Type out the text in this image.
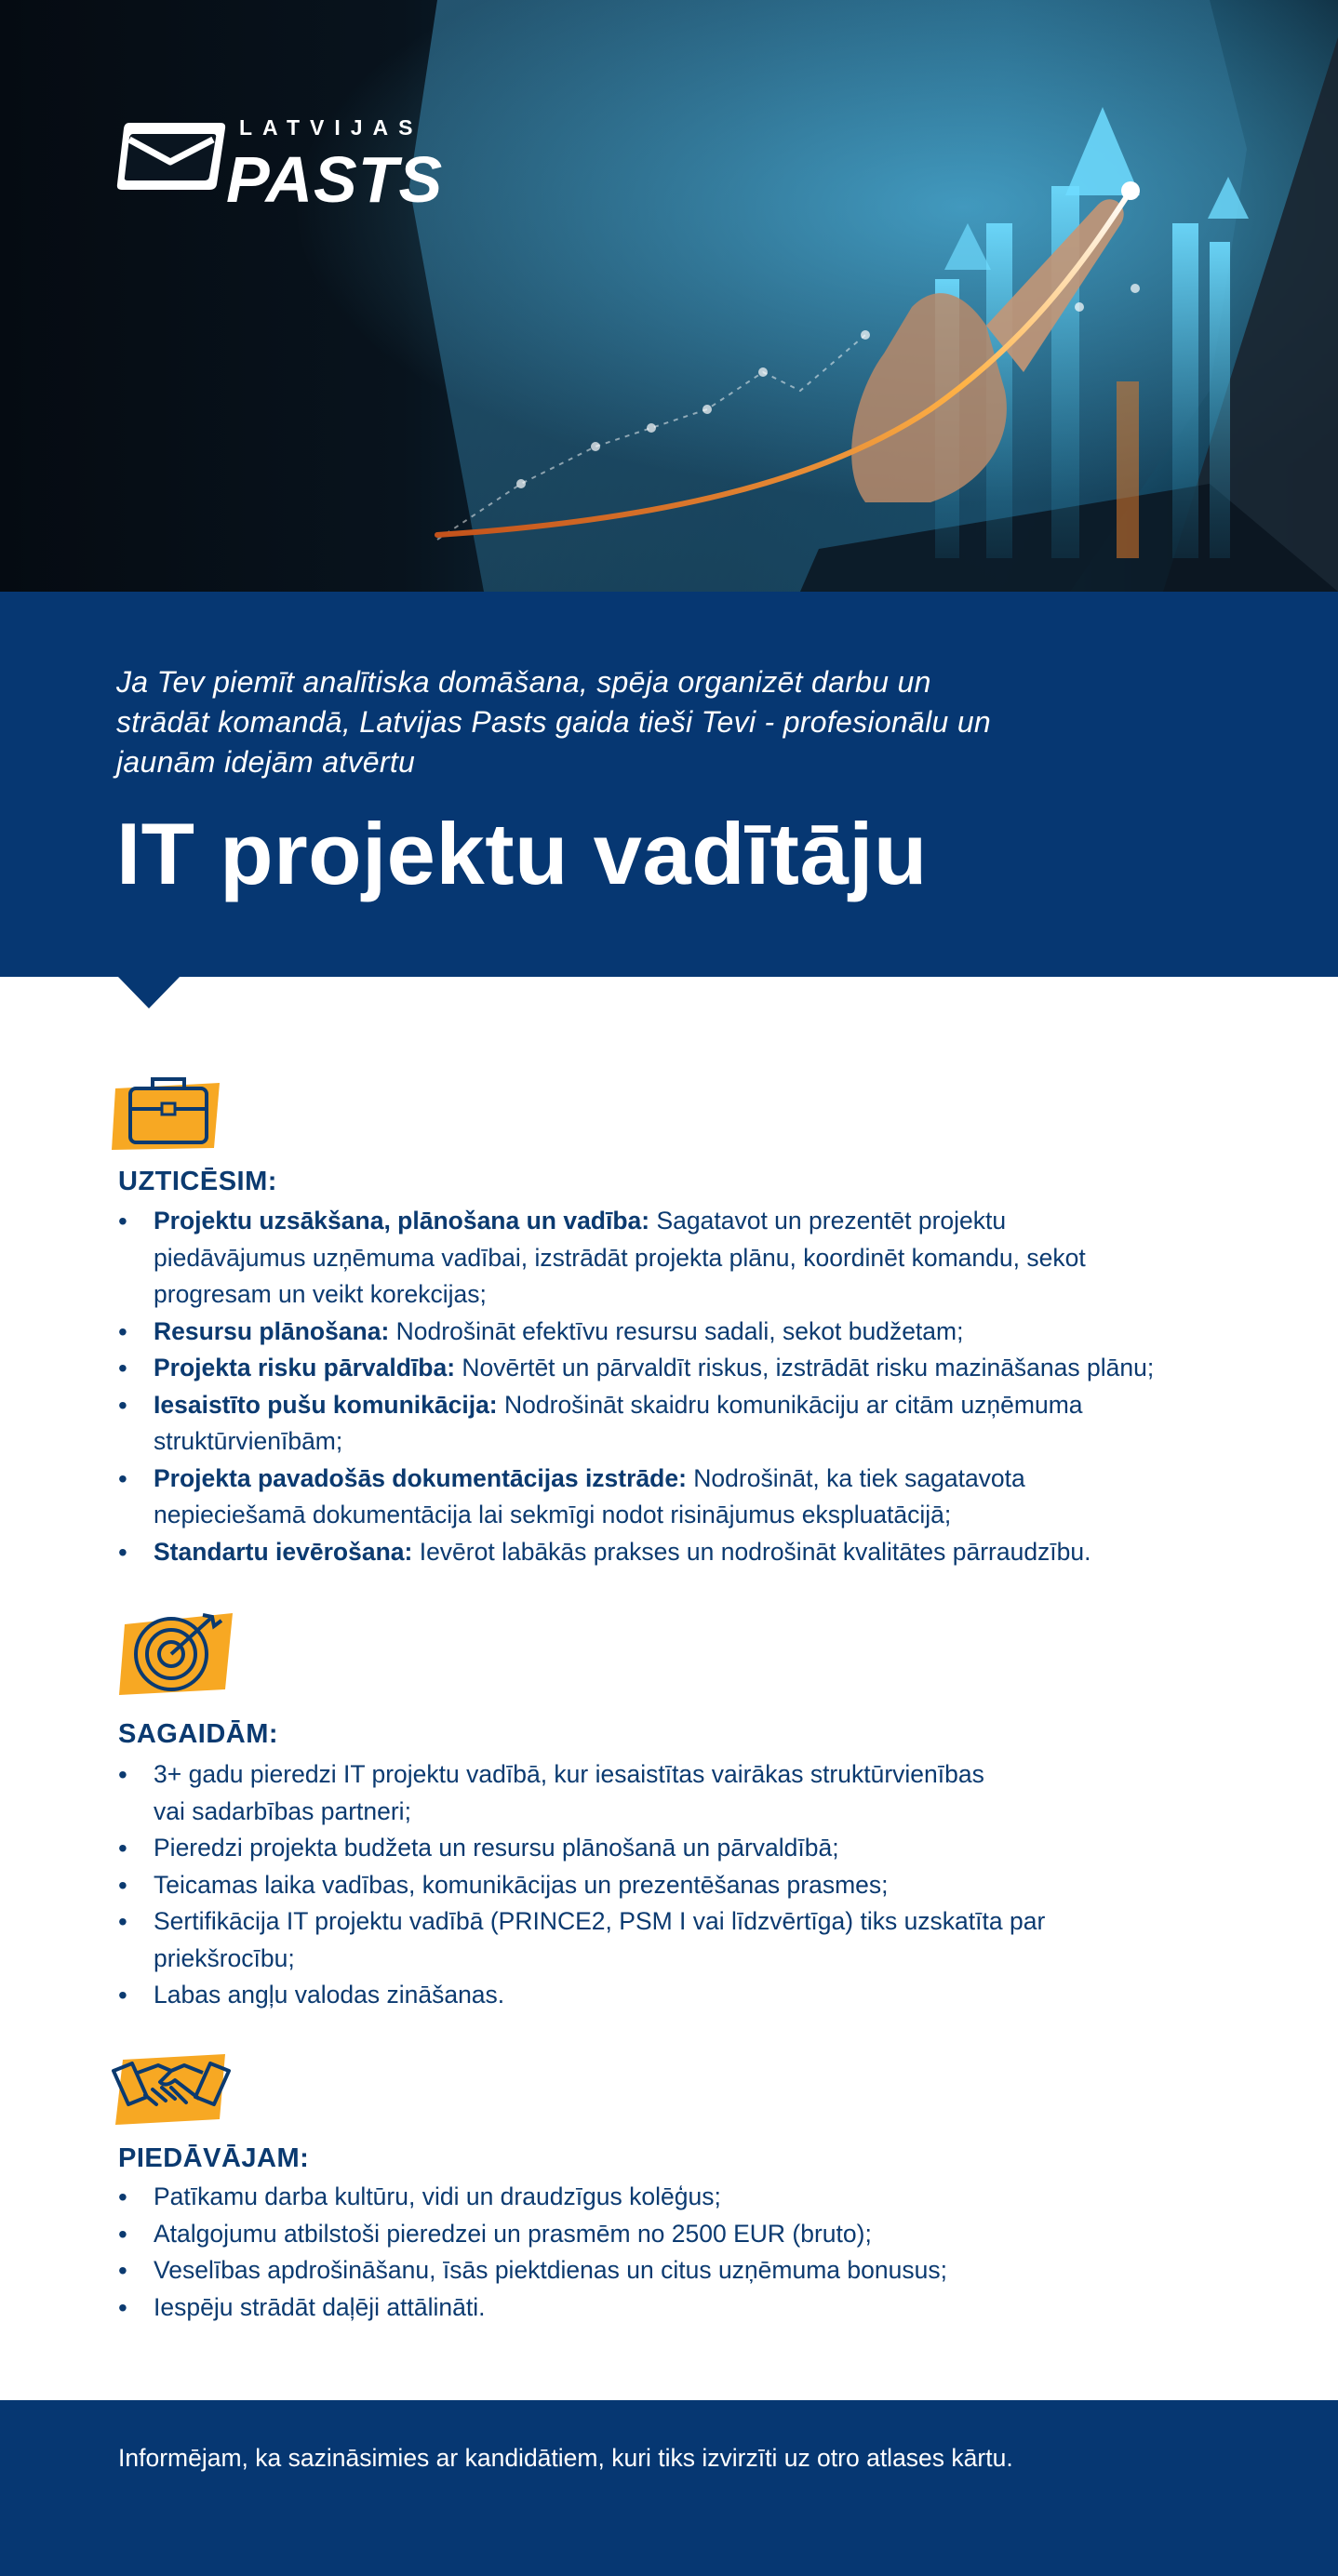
LATVIJAS
PASTS
Ja Tev piemīt analītiska domāšana, spēja organizēt darbu un
strādāt komandā, Latvijas Pasts gaida tieši Tevi - profesionālu un
jaunām idejām atvērtu
IT projektu vadītāju
UZTICĒSIM:
• Projektu uzsākšana, plānošana un vadība: Sagatavot un prezentēt projektu
piedāvājumus uzņēmuma vadībai, izstrādāt projekta plānu, koordinēt komandu, sekot
progresam un veikt korekcijas;
• Resursu plānošana: Nodrošināt efektīvu resursu sadali, sekot budžetam;
• Projekta risku pārvaldība: Novērtēt un pārvaldīt riskus, izstrādāt risku mazināšanas plānu;
• Iesaistīto pušu komunikācija: Nodrošināt skaidru komunikāciju ar citām uzņēmuma
struktūrvienībām;
• Projekta pavadošās dokumentācijas izstrāde: Nodrošināt, ka tiek sagatavota
nepieciešamā dokumentācija lai sekmīgi nodot risinājumus ekspluatācijā;
• Standartu ievērošana: Ievērot labākās prakses un nodrošināt kvalitātes pārraudzību.
SAGAIDĀM:
• 3+ gadu pieredzi IT projektu vadībā, kur iesaistītas vairākas struktūrvienības
vai sadarbības partneri;
• Pieredzi projekta budžeta un resursu plānošanā un pārvaldībā;
• Teicamas laika vadības, komunikācijas un prezentēšanas prasmes;
• Sertifikācija IT projektu vadībā (PRINCE2, PSM I vai līdzvērtīga) tiks uzskatīta par
priekšrocību;
• Labas angļu valodas zināšanas.
PIEDĀVĀJAM:
• Patīkamu darba kultūru, vidi un draudzīgus kolēģus;
• Atalgojumu atbilstoši pieredzei un prasmēm no 2500 EUR (bruto);
• Veselības apdrošināšanu, īsās piektdienas un citus uzņēmuma bonusus;
• Iespēju strādāt daļēji attālināti.
Informējam, ka sazināsimies ar kandidātiem, kuri tiks izvirzīti uz otro atlases kārtu.
